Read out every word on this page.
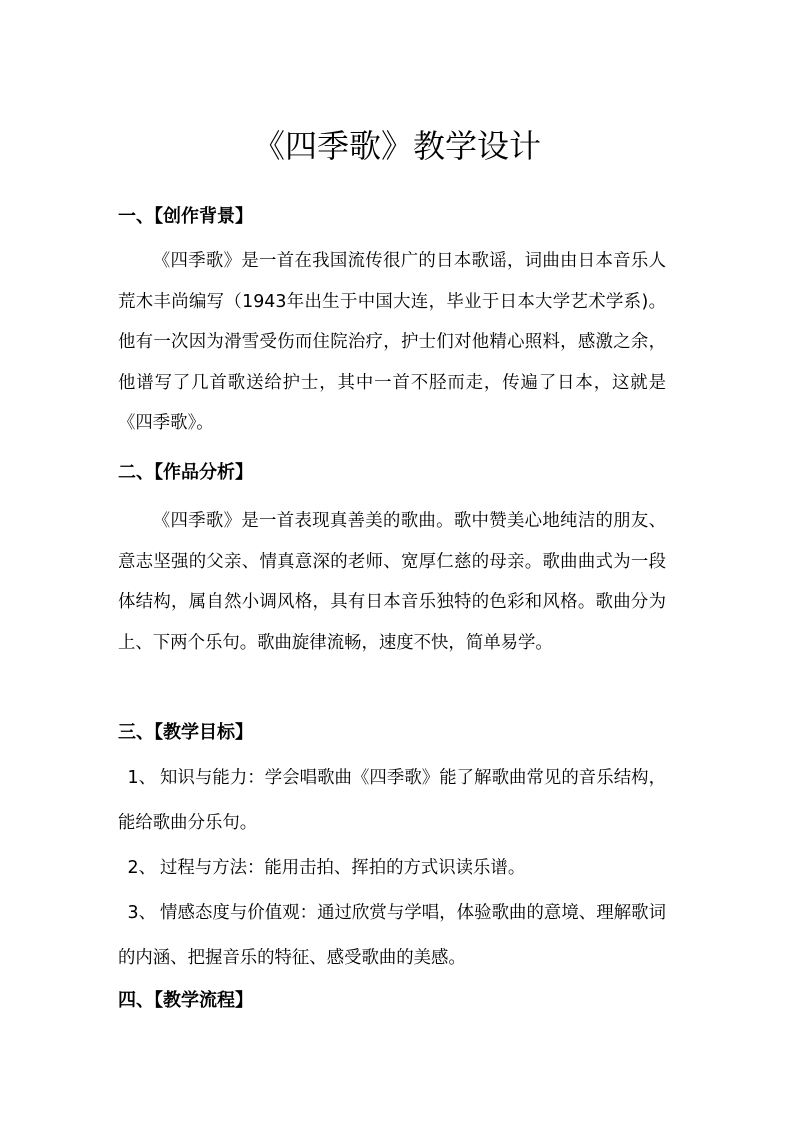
《四季歌》教学设计
一、【创作背景】

《四季歌》是一首在我国流传很广的日本歌谣，词曲由日本音乐人荒木丰尚编写（1943年出生于中国大连，毕业于日本大学艺术学系)。他有一次因为滑雪受伤而住院治疗，护士们对他精心照料，感激之余，他谱写了几首歌送给护士，其中一首不胫而走，传遍了日本，这就是《四季歌》。

二、【作品分析】

《四季歌》是一首表现真善美的歌曲。歌中赞美心地纯洁的朋友、意志坚强的父亲、情真意深的老师、宽厚仁慈的母亲。歌曲曲式为一段体结构，属自然小调风格，具有日本音乐独特的色彩和风格。歌曲分为上、下两个乐句。歌曲旋律流畅，速度不快，简单易学。

三、【教学目标】

1、 知识与能力：学会唱歌曲《四季歌》能了解歌曲常见的音乐结构，能给歌曲分乐句。

2、 过程与方法：能用击拍、挥拍的方式识读乐谱。

3、 情感态度与价值观：通过欣赏与学唱，体验歌曲的意境、理解歌词的内涵、把握音乐的特征、感受歌曲的美感。

四、【教学流程】
